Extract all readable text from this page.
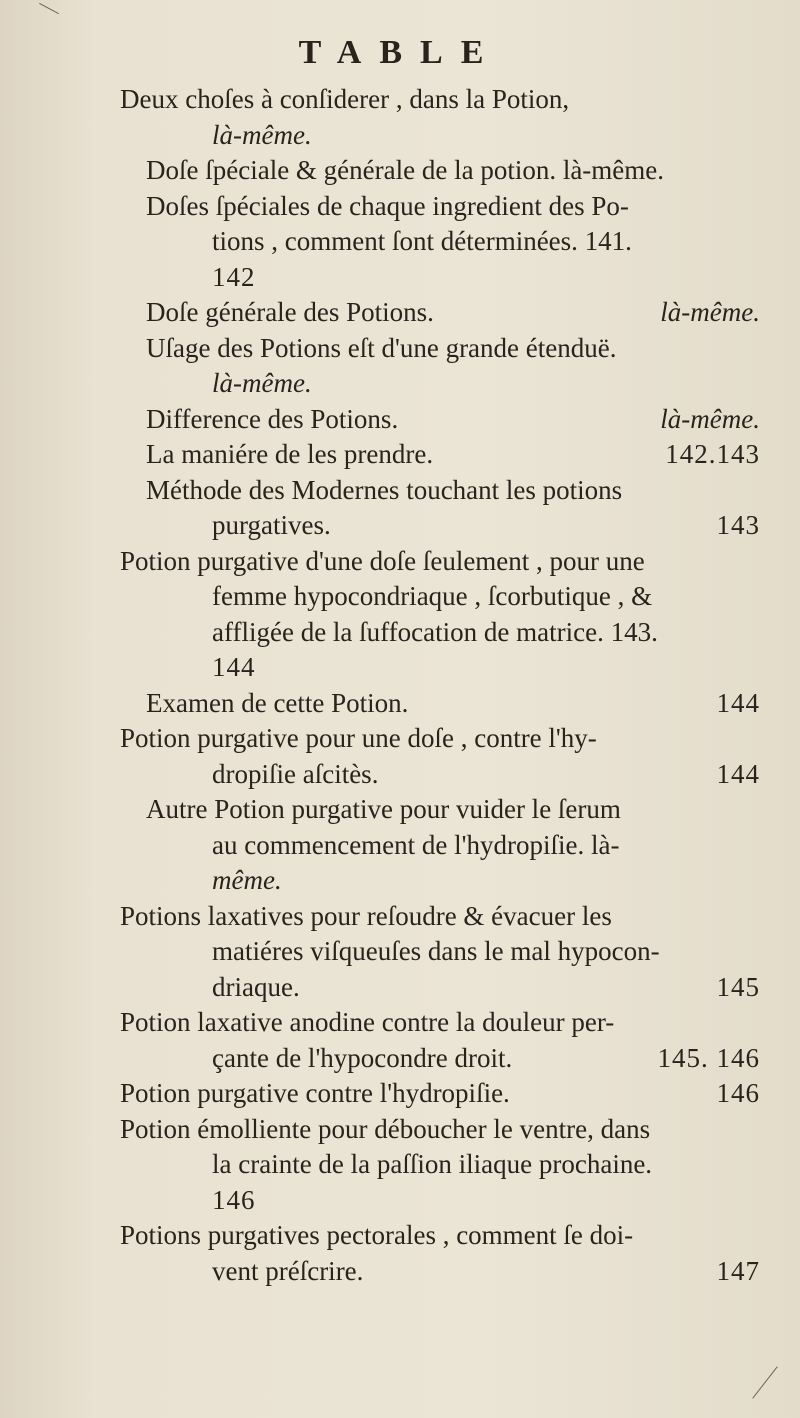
TABLE
Deux choſes à conſiderer , dans la Potion,
là-même.
Doſe ſpéciale & générale de la potion. là-même.
Doſes ſpéciales de chaque ingredient des Po-
tions , comment ſont déterminées. 141.
142
Doſe générale des Potions.	là-même.
Uſage des Potions eſt d'une grande étenduë.
là-même.
Difference des Potions.	là-même.
La maniére de les prendre.	142.143
Méthode des Modernes touchant les potions
purgatives.	143
Potion purgative d'une doſe ſeulement , pour une
femme hypocondriaque , ſcorbutique , &
affligée de la ſuffocation de matrice. 143.
144
Examen de cette Potion.	144
Potion purgative pour une doſe , contre l'hy-
dropiſie aſcitès.	144
Autre Potion purgative pour vuider le ſerum
au commencement de l'hydropiſie. là-
même.
Potions laxatives pour reſoudre & évacuer les
matiéres viſqueuſes dans le mal hypocon-
driaque.	145
Potion laxative anodine contre la douleur per-
çante de l'hypocondre droit.	145. 146
Potion purgative contre l'hydropiſie.	146
Potion émolliente pour déboucher le ventre, dans
la crainte de la paſſion iliaque prochaine.
146
Potions purgatives pectorales , comment ſe doi-
vent préſcrire.	147
